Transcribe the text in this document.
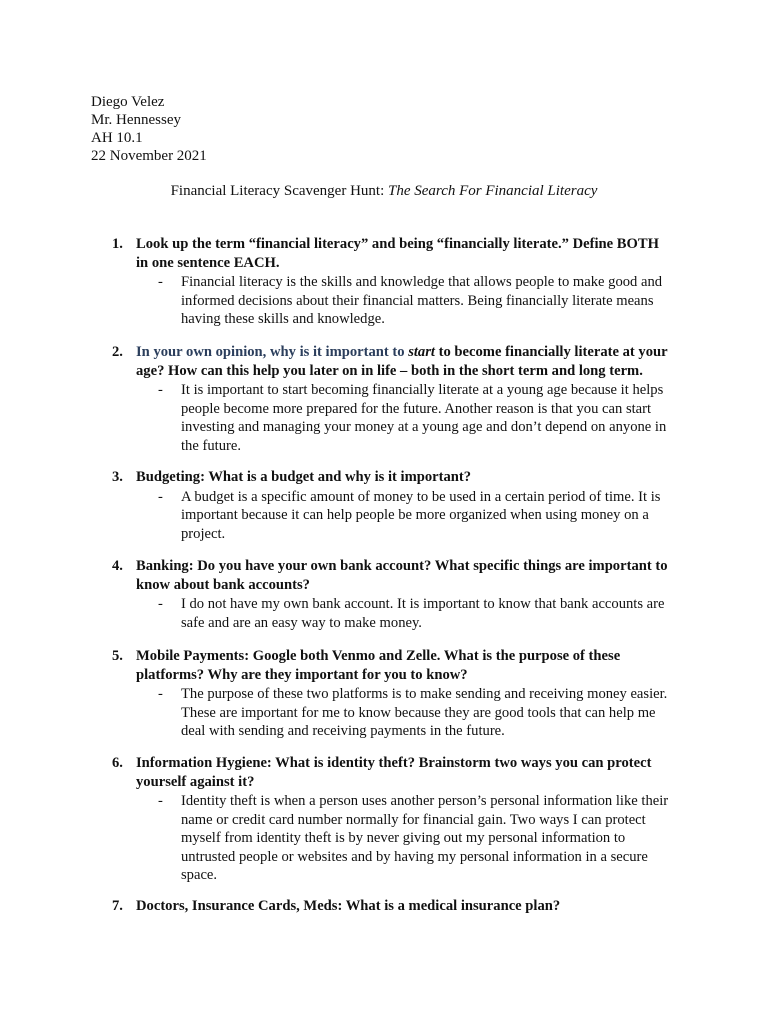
Diego Velez
Mr. Hennessey
AH 10.1
22 November 2021
Financial Literacy Scavenger Hunt: The Search For Financial Literacy
1. Look up the term “financial literacy” and being “financially literate.” Define BOTH in one sentence EACH.
- Financial literacy is the skills and knowledge that allows people to make good and informed decisions about their financial matters. Being financially literate means having these skills and knowledge.
2. In your own opinion, why is it important to start to become financially literate at your age? How can this help you later on in life – both in the short term and long term.
- It is important to start becoming financially literate at a young age because it helps people become more prepared for the future. Another reason is that you can start investing and managing your money at a young age and don’t depend on anyone in the future.
3. Budgeting: What is a budget and why is it important?
- A budget is a specific amount of money to be used in a certain period of time. It is important because it can help people be more organized when using money on a project.
4. Banking: Do you have your own bank account? What specific things are important to know about bank accounts?
- I do not have my own bank account. It is important to know that bank accounts are safe and are an easy way to make money.
5. Mobile Payments: Google both Venmo and Zelle. What is the purpose of these platforms? Why are they important for you to know?
- The purpose of these two platforms is to make sending and receiving money easier. These are important for me to know because they are good tools that can help me deal with sending and receiving payments in the future.
6. Information Hygiene: What is identity theft? Brainstorm two ways you can protect yourself against it?
- Identity theft is when a person uses another person’s personal information like their name or credit card number normally for financial gain. Two ways I can protect myself from identity theft is by never giving out my personal information to untrusted people or websites and by having my personal information in a secure space.
7. Doctors, Insurance Cards, Meds: What is a medical insurance plan?
